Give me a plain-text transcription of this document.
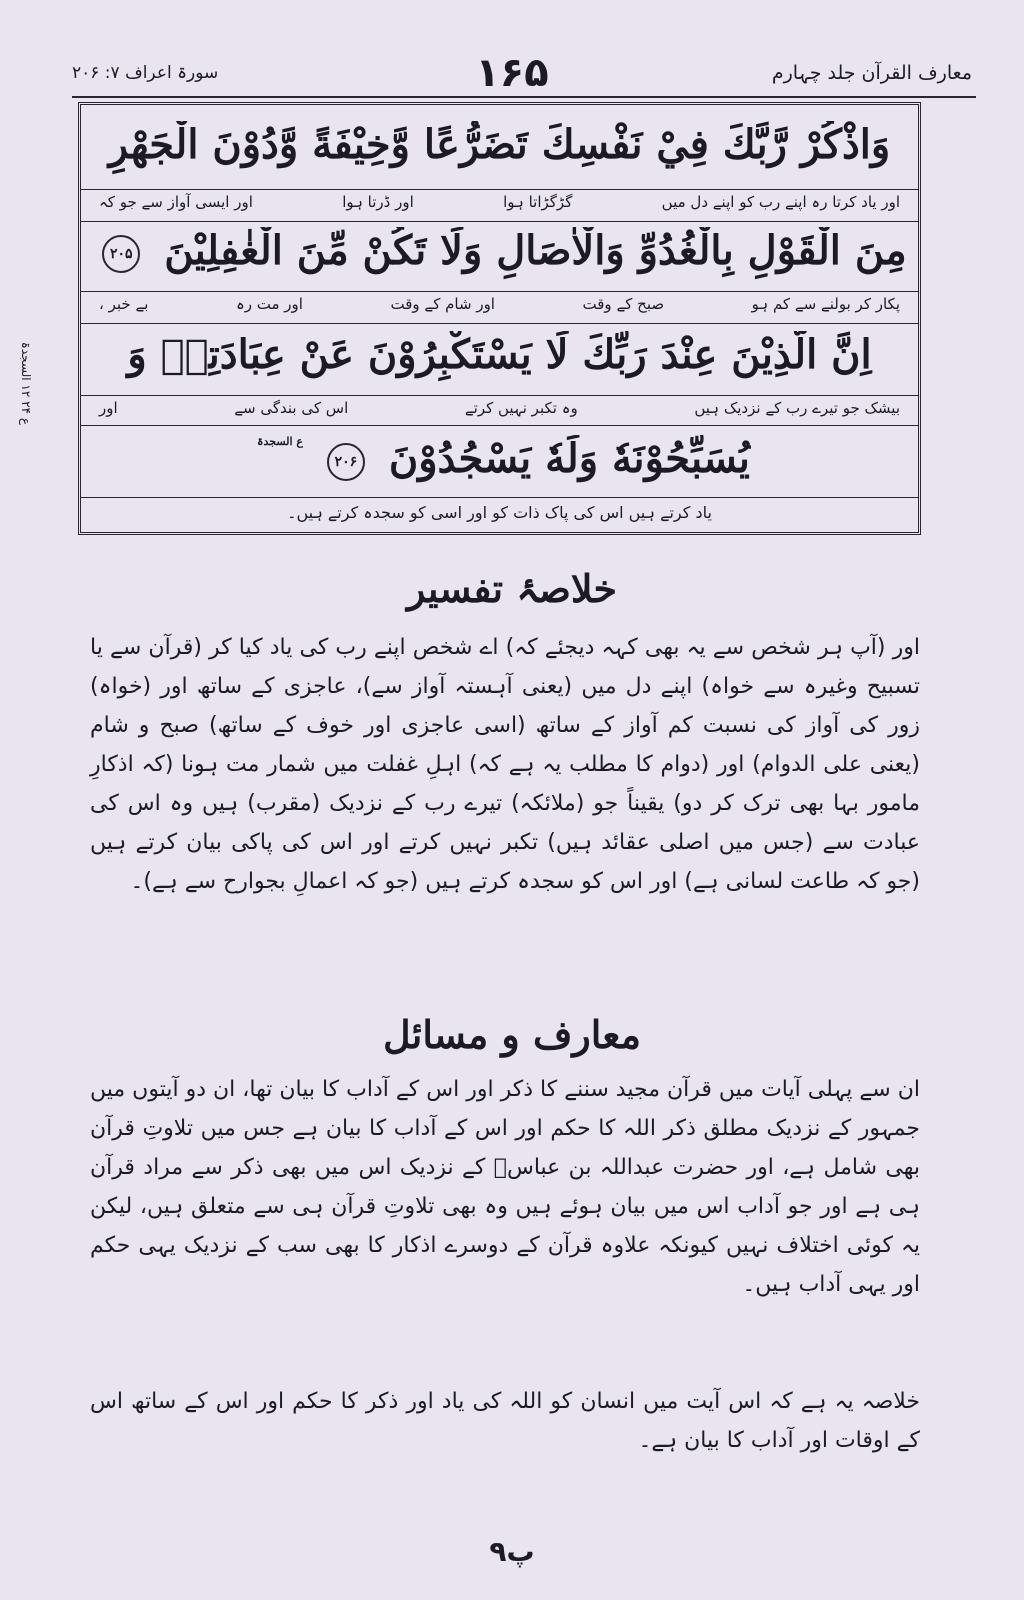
معارف القرآن جلد چہارم
۱۶۵
سورۃ اعراف ۷: ۲۰۶
ع ۲۴ ۱۲ السجدۃ
وَاذْكُرْ رَّبَّكَ فِيْ نَفْسِكَ تَضَرُّعًا وَّخِيْفَةً وَّدُوْنَ الْجَهْرِ
اور یاد کرتا رہ اپنے رب کو اپنے دل میں
گڑگڑاتا ہوا
اور ڈرتا ہوا
اور ایسی آواز سے جو کہ
مِنَ الْقَوْلِ بِالْغُدُوِّ وَالْاٰصَالِ وَلَا تَكُنْ مِّنَ الْغٰفِلِيْنَ ۲۰۵
پکار کر بولنے سے کم ہو
صبح کے وقت
اور شام کے وقت
اور مت رہ
بے خبر ،
اِنَّ الَّذِيْنَ عِنْدَ رَبِّكَ لَا يَسْتَكْبِرُوْنَ عَنْ عِبَادَتِهٖ وَ
بیشک جو تیرے رب کے نزدیک ہیں
وہ تکبر نہیں کرتے
اس کی بندگی سے
اور
يُسَبِّحُوْنَهٗ وَلَهٗ يَسْجُدُوْنَ ۲۰۶ $^{ع السجدۃ}$
یاد کرتے ہیں اس کی پاک ذات کو اور اسی کو سجدہ کرتے ہیں۔
خلاصۂ تفسیر
اور (آپ ہر شخص سے یہ بھی کہہ دیجئے کہ) اے شخص اپنے رب کی یاد کیا کر (قرآن سے یا تسبیح وغیرہ سے خواہ) اپنے دل میں (یعنی آہستہ آواز سے)، عاجزی کے ساتھ اور (خواہ) زور کی آواز کی نسبت کم آواز کے ساتھ (اسی عاجزی اور خوف کے ساتھ) صبح و شام (یعنی علی الدوام) اور (دوام کا مطلب یہ ہے کہ) اہلِ غفلت میں شمار مت ہونا (کہ اذکارِ مامور بہا بھی ترک کر دو) یقیناً جو (ملائکہ) تیرے رب کے نزدیک (مقرب) ہیں وہ اس کی عبادت سے (جس میں اصلی عقائد ہیں) تکبر نہیں کرتے اور اس کی پاکی بیان کرتے ہیں (جو کہ طاعت لسانی ہے) اور اس کو سجدہ کرتے ہیں (جو کہ اعمالِ بجوارح سے ہے)۔
معارف و مسائل
ان سے پہلی آیات میں قرآن مجید سننے کا ذکر اور اس کے آداب کا بیان تھا، ان دو آیتوں میں جمہور کے نزدیک مطلق ذکر اللہ کا حکم اور اس کے آداب کا بیان ہے جس میں تلاوتِ قرآن بھی شامل ہے، اور حضرت عبداللہ بن عباسؓ کے نزدیک اس میں بھی ذکر سے مراد قرآن ہی ہے اور جو آداب اس میں بیان ہوئے ہیں وہ بھی تلاوتِ قرآن ہی سے متعلق ہیں، لیکن یہ کوئی اختلاف نہیں کیونکہ علاوہ قرآن کے دوسرے اذکار کا بھی سب کے نزدیک یہی حکم اور یہی آداب ہیں۔
خلاصہ یہ ہے کہ اس آیت میں انسان کو اللہ کی یاد اور ذکر کا حکم اور اس کے ساتھ اس کے اوقات اور آداب کا بیان ہے۔
۹پ
